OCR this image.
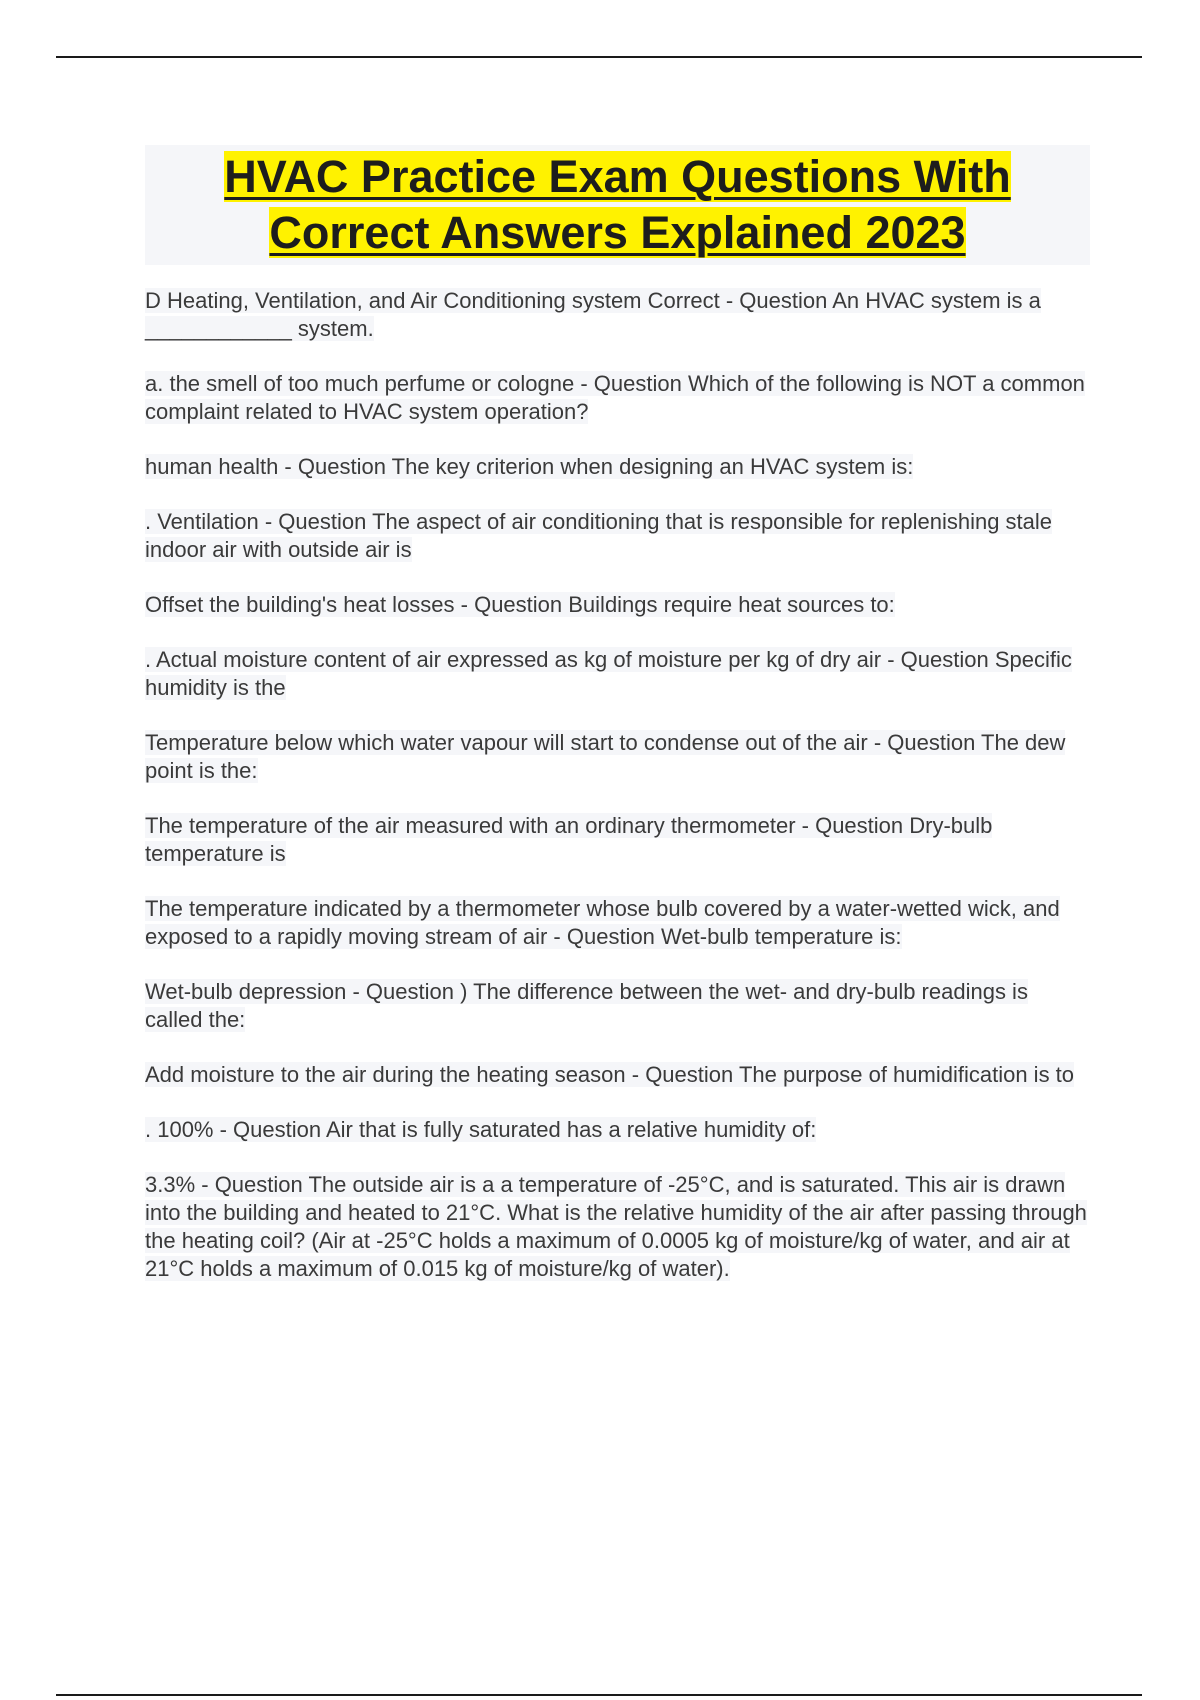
HVAC Practice Exam Questions With
Correct Answers Explained 2023

D Heating, Ventilation, and Air Conditioning system Correct - Question An HVAC system is a ____________ system.

a. the smell of too much perfume or cologne - Question Which of the following is NOT a common complaint related to HVAC system operation?

human health - Question The key criterion when designing an HVAC system is:

. Ventilation - Question The aspect of air conditioning that is responsible for replenishing stale indoor air with outside air is

Offset the building's heat losses - Question Buildings require heat sources to:

. Actual moisture content of air expressed as kg of moisture per kg of dry air - Question Specific humidity is the

Temperature below which water vapour will start to condense out of the air - Question The dew point is the:

The temperature of the air measured with an ordinary thermometer - Question Dry-bulb temperature is

The temperature indicated by a thermometer whose bulb covered by a water-wetted wick, and exposed to a rapidly moving stream of air - Question Wet-bulb temperature is:

Wet-bulb depression - Question ) The difference between the wet- and dry-bulb readings is called the:

Add moisture to the air during the heating season - Question The purpose of humidification is to

. 100% - Question Air that is fully saturated has a relative humidity of:

3.3% - Question The outside air is a a temperature of -25°C, and is saturated. This air is drawn into the building and heated to 21°C. What is the relative humidity of the air after passing through the heating coil? (Air at -25°C holds a maximum of 0.0005 kg of moisture/kg of water, and air at 21°C holds a maximum of 0.015 kg of moisture/kg of water).
